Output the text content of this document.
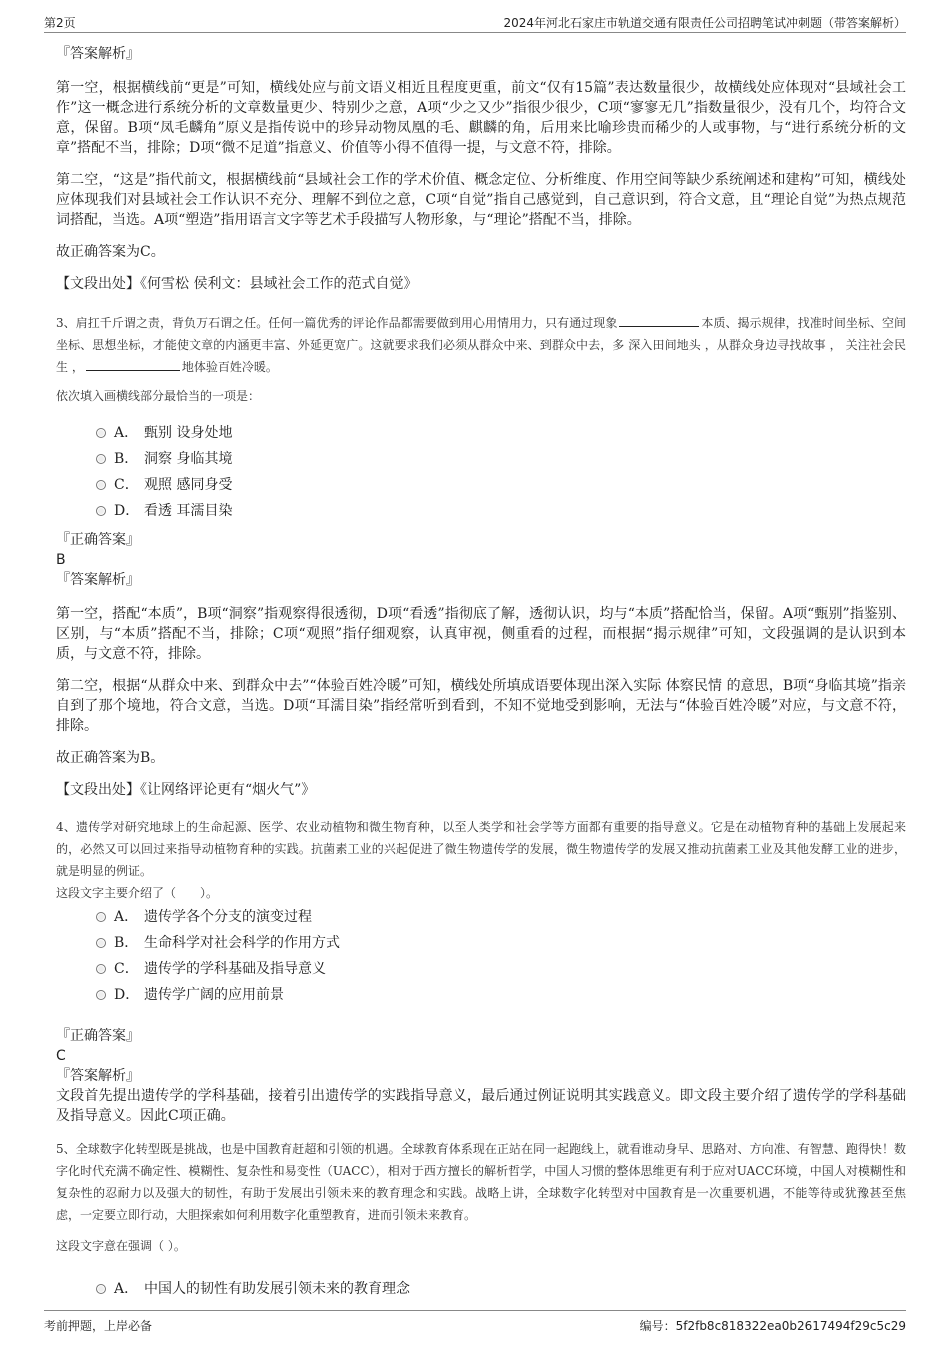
第2页	2024年河北石家庄市轨道交通有限责任公司招聘笔试冲刺题（带答案解析）

『答案解析』

第一空，根据横线前“更是”可知，横线处应与前文语义相近且程度更重，前文“仅有15篇”表达数量很少，故横线处应体现对“县域社会工作”这一概念进行系统分析的文章数量更少、特别少之意，A项“少之又少”指很少很少，C项“寥寥无几”指数量很少，没有几个，均符合文意，保留。B项“凤毛麟角”原义是指传说中的珍异动物凤凰的毛、麒麟的角，后用来比喻珍贵而稀少的人或事物，与“进行系统分析的文章”搭配不当，排除；D项“微不足道”指意义、价值等小得不值得一提，与文意不符，排除。

第二空，“这是”指代前文，根据横线前“县域社会工作的学术价值、概念定位、分析维度、作用空间等缺少系统阐述和建构”可知，横线处应体现我们对县域社会工作认识不充分、理解不到位之意，C项“自觉”指自己感觉到，自己意识到，符合文意，且“理论自觉”为热点规范词搭配，当选。A项“塑造”指用语言文字等艺术手段描写人物形象，与“理论”搭配不当，排除。

故正确答案为C。

【文段出处】《何雪松 侯利文：县域社会工作的范式自觉》

3、肩扛千斤谓之责，背负万石谓之任。任何一篇优秀的评论作品都需要做到用心用情用力，只有通过现象	本质、揭示规律，找准时间坐标、空间坐标、思想坐标，才能使文章的内涵更丰富、外延更宽广。这就要求我们必须从群众中来、到群众中去，多 深入田间地头 ，从群众身边寻找故事 ， 关注社会民生 ，	地体验百姓冷暖。

依次填入画横线部分最恰当的一项是：

A． 甄别 设身处地
B． 洞察 身临其境
C． 观照 感同身受
D． 看透 耳濡目染

『正确答案』

B

『答案解析』

第一空，搭配“本质”，B项“洞察”指观察得很透彻，D项“看透”指彻底了解，透彻认识，均与“本质”搭配恰当，保留。A项“甄别”指鉴别、区别，与“本质”搭配不当，排除；C项“观照”指仔细观察，认真审视，侧重看的过程，而根据“揭示规律”可知，文段强调的是认识到本质，与文意不符，排除。

第二空，根据“从群众中来、到群众中去”“体验百姓冷暖”可知，横线处所填成语要体现出深入实际 体察民情 的意思，B项“身临其境”指亲自到了那个境地，符合文意，当选。D项“耳濡目染”指经常听到看到，不知不觉地受到影响，无法与“体验百姓冷暖”对应，与文意不符，排除。

故正确答案为B。

【文段出处】《让网络评论更有“烟火气”》

4、遗传学对研究地球上的生命起源、医学、农业动植物和微生物育种，以至人类学和社会学等方面都有重要的指导意义。它是在动植物育种的基础上发展起来的，必然又可以回过来指导动植物育种的实践。抗菌素工业的兴起促进了微生物遗传学的发展，微生物遗传学的发展又推动抗菌素工业及其他发酵工业的进步，就是明显的例证。

这段文字主要介绍了（　　）。

A． 遗传学各个分支的演变过程
B． 生命科学对社会科学的作用方式
C． 遗传学的学科基础及指导意义
D． 遗传学广阔的应用前景

『正确答案』

C

『答案解析』

文段首先提出遗传学的学科基础，接着引出遗传学的实践指导意义，最后通过例证说明其实践意义。即文段主要介绍了遗传学的学科基础及指导意义。因此C项正确。

5、全球数字化转型既是挑战，也是中国教育赶超和引领的机遇。全球教育体系现在正站在同一起跑线上，就看谁动身早、思路对、方向准、有智慧、跑得快！数字化时代充满不确定性、模糊性、复杂性和易变性（UACC），相对于西方擅长的解析哲学，中国人习惯的整体思维更有利于应对UACC环境，中国人对模糊性和复杂性的忍耐力以及强大的韧性，有助于发展出引领未来的教育理念和实践。战略上讲，全球数字化转型对中国教育是一次重要机遇，不能等待或犹豫甚至焦虑，一定要立即行动，大胆探索如何利用数字化重塑教育，进而引领未来教育。

这段文字意在强调（ ）。

A． 中国人的韧性有助发展引领未来的教育理念
考前押题，上岸必备	编号：5f2fb8c818322ea0b2617494f29c5c29
